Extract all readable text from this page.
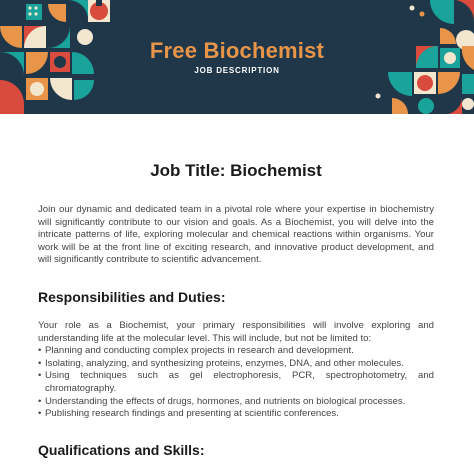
Free Biochemist
JOB DESCRIPTION
Job Title: Biochemist

Join our dynamic and dedicated team in a pivotal role where your expertise in biochemistry will significantly contribute to our vision and goals. As a Biochemist, you will delve into the intricate patterns of life, exploring molecular and chemical reactions within organisms. Your work will be at the front line of exciting research, and innovative product development, and will significantly contribute to scientific advancement.

Responsibilities and Duties:

Your role as a Biochemist, your primary responsibilities will involve exploring and understanding life at the molecular level. This will include, but not be limited to:

• Planning and conducting complex projects in research and development.
• Isolating, analyzing, and synthesizing proteins, enzymes, DNA, and other molecules.
• Using techniques such as gel electrophoresis, PCR, spectrophotometry, and chromatography.
• Understanding the effects of drugs, hormones, and nutrients on biological processes.
• Publishing research findings and presenting at scientific conferences.
Qualifications and Skills:
